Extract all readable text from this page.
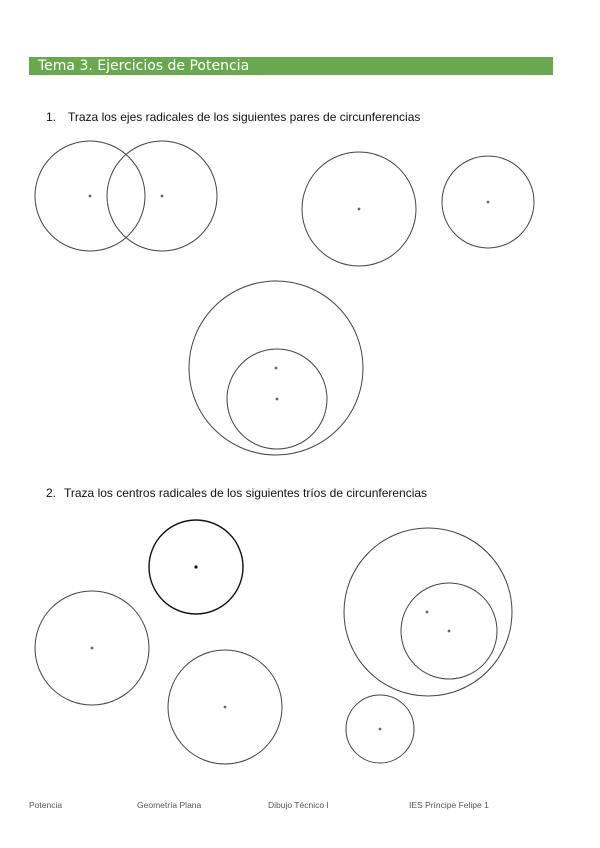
Tema 3. Ejercicios de Potencia
1. Traza los ejes radicales de los siguientes pares de circunferencias
2. Traza los centros radicales de los siguientes tríos de circunferencias
Potencia	Geometría Plana	Dibujo Técnico I	IES Príncipe Felipe 1
